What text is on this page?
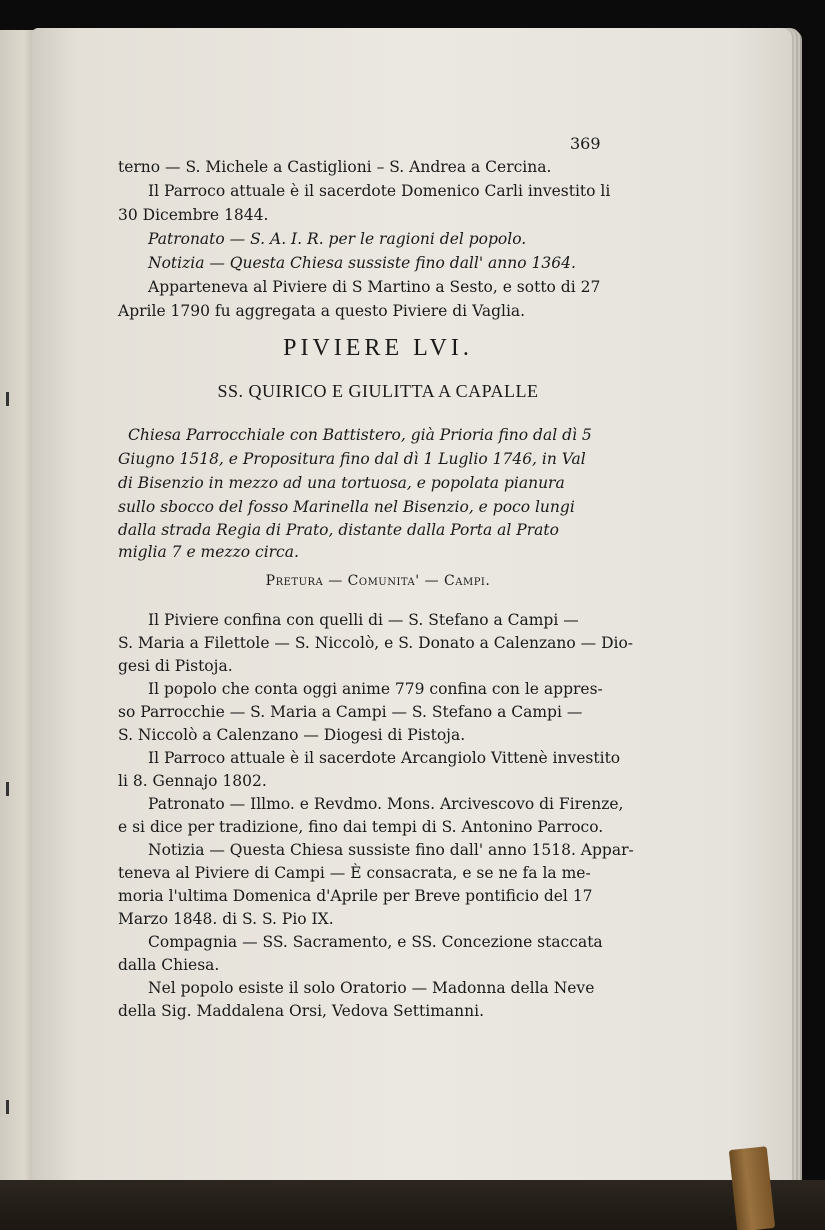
369
terno — S. Michele a Castiglioni – S. Andrea a Cercina.
Il Parroco attuale è il sacerdote Domenico Carli investito li
30 Dicembre 1844.
Patronato — S. A. I. R. per le ragioni del popolo.
Notizia — Questa Chiesa sussiste fino dall' anno 1364.
Apparteneva al Piviere di S Martino a Sesto, e sotto di 27
Aprile 1790 fu aggregata a questo Piviere di Vaglia.
PIVIERE LVI.
SS. QUIRICO E GIULITTA A CAPALLE
Chiesa Parrocchiale con Battistero, già Prioria fino dal dì 5
Giugno 1518, e Propositura fino dal dì 1 Luglio 1746, in Val
di Bisenzio in mezzo ad una tortuosa, e popolata pianura
sullo sbocco del fosso Marinella nel Bisenzio, e poco lungi
dalla strada Regia di Prato, distante dalla Porta al Prato
miglia 7 e mezzo circa.
Pretura — Comunita' — Campi.
Il Piviere confina con quelli di — S. Stefano a Campi —
S. Maria a Filettole — S. Niccolò, e S. Donato a Calenzano — Dio-
gesi di Pistoja.
Il popolo che conta oggi anime 779 confina con le appres-
so Parrocchie — S. Maria a Campi — S. Stefano a Campi —
S. Niccolò a Calenzano — Diogesi di Pistoja.
Il Parroco attuale è il sacerdote Arcangiolo Vittenè investito
li 8. Gennajo 1802.
Patronato — Illmo. e Revdmo. Mons. Arcivescovo di Firenze,
e si dice per tradizione, fino dai tempi di S. Antonino Parroco.
Notizia — Questa Chiesa sussiste fino dall' anno 1518. Appar-
teneva al Piviere di Campi — È consacrata, e se ne fa la me-
moria l'ultima Domenica d'Aprile per Breve pontificio del 17
Marzo 1848. di S. S. Pio IX.
Compagnia — SS. Sacramento, e SS. Concezione staccata
dalla Chiesa.
Nel popolo esiste il solo Oratorio — Madonna della Neve
della Sig. Maddalena Orsi, Vedova Settimanni.
